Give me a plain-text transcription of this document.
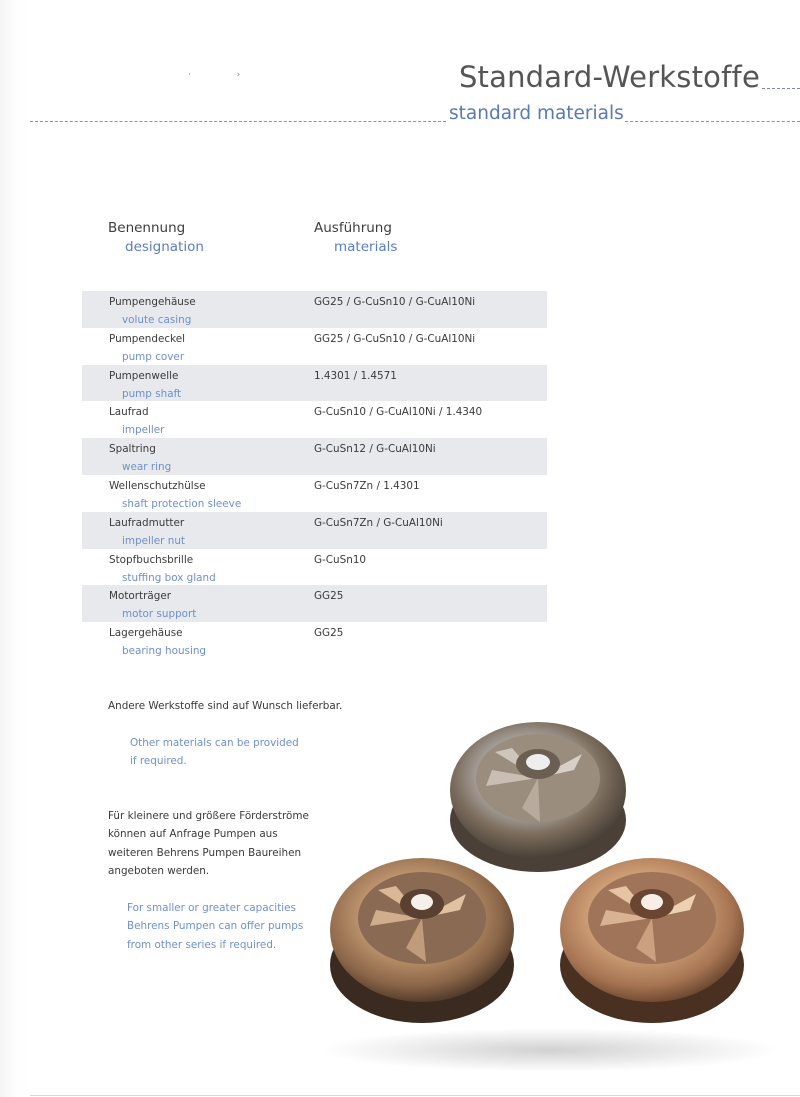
·                ›	Standard-Werkstoffe
standard materials
Benennung
designation
Ausführung
materials
Pumpengehäuse
volute casing
GG25 / G-CuSn10 / G-CuAl10Ni
Pumpendeckel
pump cover
GG25 / G-CuSn10 / G-CuAl10Ni
Pumpenwelle
pump shaft
1.4301 / 1.4571
Laufrad
impeller
G-CuSn10 / G-CuAl10Ni / 1.4340
Spaltring
wear ring
G-CuSn12 / G-CuAl10Ni
Wellenschutzhülse
shaft protection sleeve
G-CuSn7Zn / 1.4301
Laufradmutter
impeller nut
G-CuSn7Zn / G-CuAl10Ni
Stopfbuchsbrille
stuffing box gland
G-CuSn10
Motorträger
motor support
GG25
Lagergehäuse
bearing housing
GG25
Andere Werkstoffe sind auf Wunsch lieferbar.
Other materials can be provided
if required.
Für kleinere und größere Förderströme
können auf Anfrage Pumpen aus
weiteren Behrens Pumpen Baureihen
angeboten werden.
For smaller or greater capacities
Behrens Pumpen can offer pumps
from other series if required.
